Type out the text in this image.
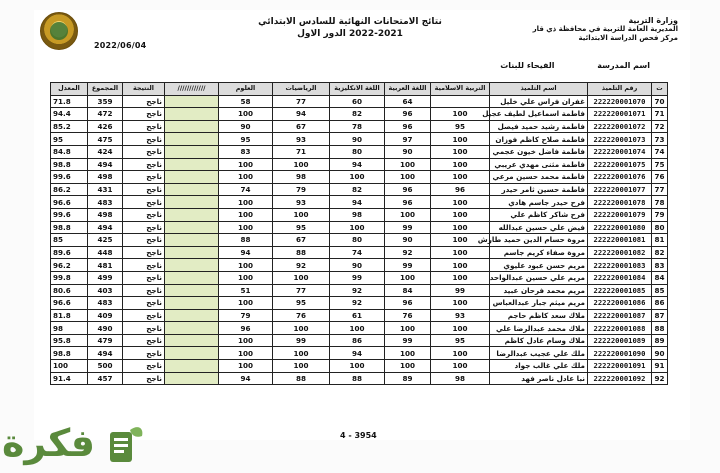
2022/06/04
نتائج الامتحانات النهائية للسادس الابتدائي
2022-2021 الدور الاول
وزارة التربية
المديرية العامة للتربية في محافظة ذي قار
مركز فحص الدراسة الابتدائية
اسم المدرسة الفيحاء للبنات
ت	رقم التلميذ	اسم التلميذ	التربية الاسلامية	اللغة العربية	اللغة الانكليزية	الرياضيات	العلوم	////////////	النتيجة	المجموع	المعدل
70	222220001070	غفران فراس علي خليل		64	60	77	58		ناجح	359	71.8
71	222220001071	فاطمة اسماعيل لطيف عجيل	100	96	82	94	100		ناجح	472	94.4
72	222220001072	فاطمة رشيد حميد فيصل	95	96	78	67	90		ناجح	426	85.2
73	222220001073	فاطمة صلاح كاظم فوزان	100	97	90	93	95		ناجح	475	95
74	222220001074	فاطمة فاضل خيون عجمي	100	90	80	71	83		ناجح	424	84.8
75	222220001075	فاطمة مثنى مهدي عريبي	100	100	94	100	100		ناجح	494	98.8
76	222220001076	فاطمة محمد حسين مرعي	100	100	100	98	100		ناجح	498	99.6
77	222220001077	فاطمة حسين ثامر حيدر	96	96	82	79	74		ناجح	431	86.2
78	222220001078	فرح حيدر جاسم هادي	100	96	94	93	100		ناجح	483	96.6
79	222220001079	فرح شاكر كاظم علي	100	100	98	100	100		ناجح	498	99.6
80	222220001080	فيض علي حسين عبدالله	100	99	100	95	100		ناجح	494	98.8
81	222220001081	مروة حسام الدين حميد طارش	100	90	80	67	88		ناجح	425	85
82	222220001082	مروة صفاء كريم جاسم	100	92	74	88	94		ناجح	448	89.6
83	222220001083	مريم حسن عبود عليوي	100	99	90	92	100		ناجح	481	96.2
84	222220001084	مريم علي حسين عبدالواحد	100	100	99	100	100		ناجح	499	99.8
85	222220001085	مريم محمد فرحان عبيد	99	84	92	77	51		ناجح	403	80.6
86	222220001086	مريم ميثم جبار عبدالعباس	100	96	92	95	100		ناجح	483	96.6
87	222220001087	ملاك سعد كاظم حاجم	93	76	61	76	79		ناجح	409	81.8
88	222220001088	ملاك محمد عبدالرضا علي	100	100	100	100	96		ناجح	490	98
89	222220001089	ملاك وسام عادل كاظم	95	99	86	99	100		ناجح	479	95.8
90	222220001090	ملك علي عجيب عبدالرضا	100	100	94	100	100		ناجح	494	98.8
91	222220001091	ملك علي غالب جواد	100	100	100	100	100		ناجح	500	100
92	222220001092	نبا عادل ناصر فهد	98	89	88	88	94		ناجح	457	91.4
4 - 3954
فكرة
